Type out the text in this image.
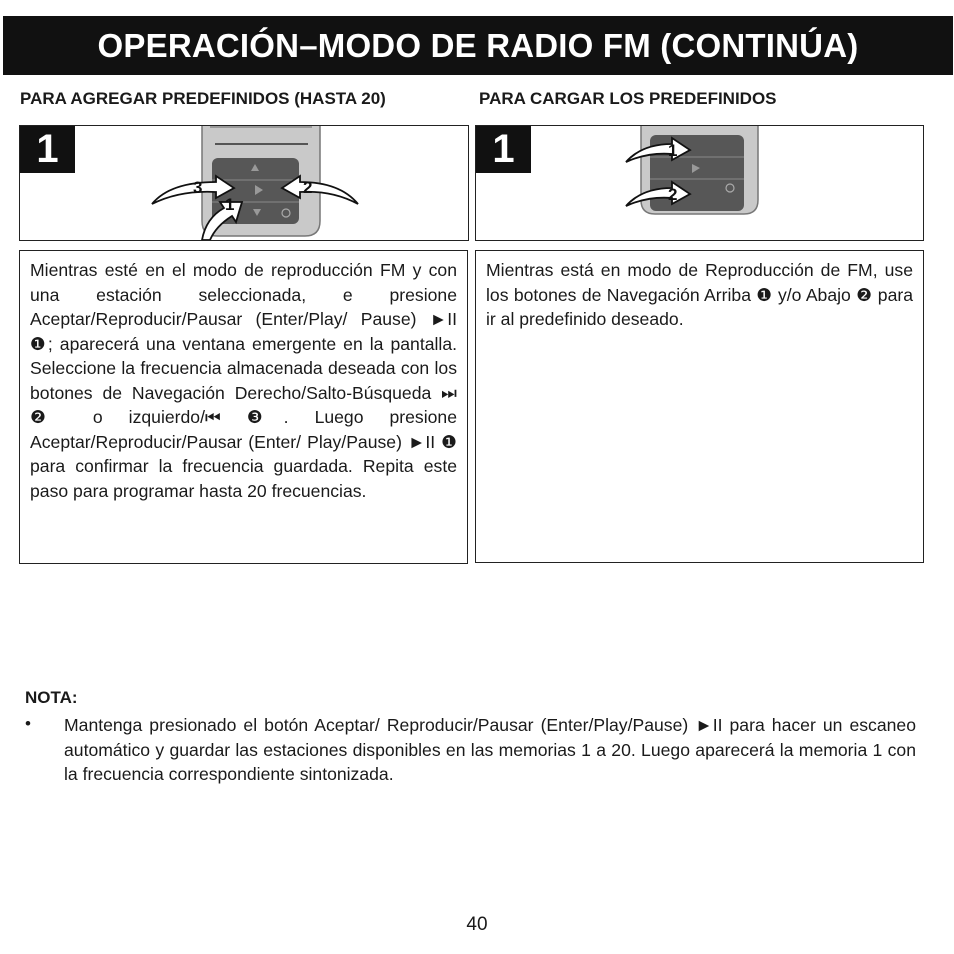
OPERACIÓN–MODO DE RADIO FM (CONTINÚA)
PARA AGREGAR PREDEFINIDOS (HASTA 20)	PARA CARGAR LOS PREDEFINIDOS
1
3	2
1
1	1
2

Mientras esté en el modo de reproducción FM y con una estación seleccionada, e presione Aceptar/Reproducir/Pausar (Enter/Play/ Pause) ►II ❶; aparecerá una ventana emergente en la pantalla. Seleccione la frecuencia almacenada deseada con los botones de Navegación Derecho/Salto-Búsqueda ⏭ ❷ o izquierdo/⏮ ❸. Luego presione Aceptar/Reproducir/Pausar (Enter/ Play/Pause) ►II ❶ para confirmar la frecuencia guardada. Repita este paso para programar hasta 20 frecuencias.

Mientras está en modo de Reproducción de FM, use los botones de Navegación Arriba ❶ y/o Abajo ❷ para ir al predefinido deseado.

NOTA:
• Mantenga presionado el botón Aceptar/ Reproducir/Pausar (Enter/Play/Pause) ►II para hacer un escaneo automático y guardar las estaciones disponibles en las memorias 1 a 20. Luego aparecerá la memoria 1 con la frecuencia correspondiente sintonizada.

40
